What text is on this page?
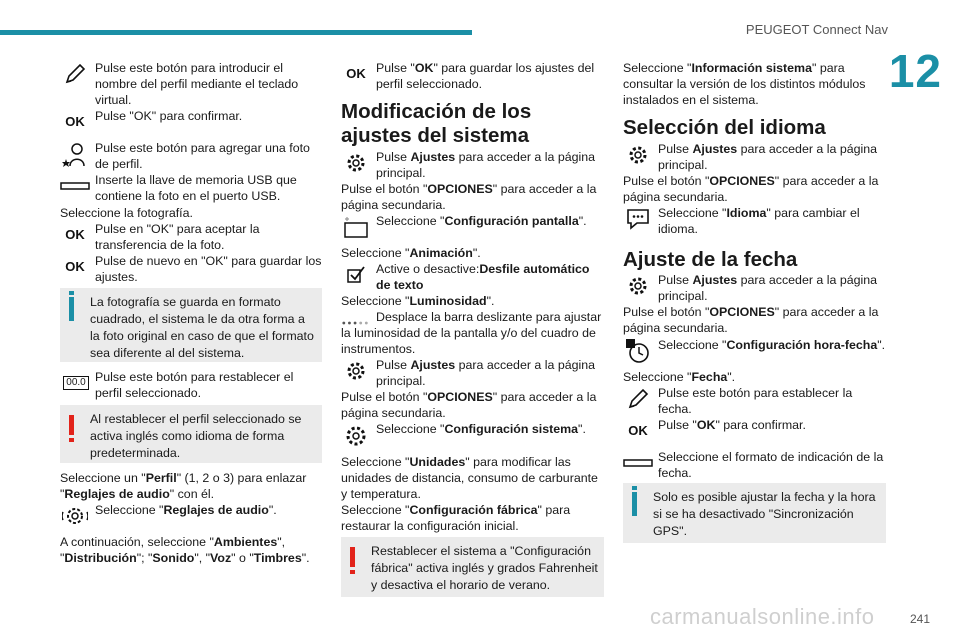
PEUGEOT Connect Nav
12

Pulse este botón para introducir el nombre del perfil mediante el teclado virtual.

OK Pulse "OK" para confirmar.

Pulse este botón para agregar una foto de perfil.

Inserte la llave de memoria USB que contiene la foto en el puerto USB.

Seleccione la fotografía.

OK Pulse en "OK" para aceptar la transferencia de la foto.

OK Pulse de nuevo en "OK" para guardar los ajustes.

La fotografía se guarda en formato cuadrado, el sistema le da otra forma a la foto original en caso de que el formato sea diferente al del sistema.

00.0 Pulse este botón para restablecer el perfil seleccionado.

Al restablecer el perfil seleccionado se activa inglés como idioma de forma predeterminada.

Seleccione un "Perfil" (1, 2 o 3) para enlazar "Reglajes de audio" con él.

Seleccione "Reglajes de audio".

A continuación, seleccione "Ambientes", "Distribución"; "Sonido", "Voz" o "Timbres".

OK Pulse "OK" para guardar los ajustes del perfil seleccionado.

Modificación de los ajustes del sistema

Pulse Ajustes para acceder a la página principal.

Pulse el botón "OPCIONES" para acceder a la página secundaria.

Seleccione "Configuración pantalla".

Seleccione "Animación".

Active o desactive:Desfile automático de texto

Seleccione "Luminosidad".

Desplace la barra deslizante para ajustar la luminosidad de la pantalla y/o del cuadro de instrumentos.

Pulse Ajustes para acceder a la página principal.

Pulse el botón "OPCIONES" para acceder a la página secundaria.

Seleccione "Configuración sistema".

Seleccione "Unidades" para modificar las unidades de distancia, consumo de carburante y temperatura.

Seleccione "Configuración fábrica" para restaurar la configuración inicial.

Restablecer el sistema a "Configuración fábrica" activa inglés y grados Fahrenheit y desactiva el horario de verano.

Seleccione "Información sistema" para consultar la versión de los distintos módulos instalados en el sistema.

Selección del idioma

Pulse Ajustes para acceder a la página principal.

Pulse el botón "OPCIONES" para acceder a la página secundaria.

Seleccione "Idioma" para cambiar el idioma.

Ajuste de la fecha

Pulse Ajustes para acceder a la página principal.

Pulse el botón "OPCIONES" para acceder a la página secundaria.

Seleccione "Configuración hora-fecha".

Seleccione "Fecha".

Pulse este botón para establecer la fecha.

OK Pulse "OK" para confirmar.

Seleccione el formato de indicación de la fecha.

Solo es posible ajustar la fecha y la hora si se ha desactivado "Sincronización GPS".

carmanualsonline.info	241
